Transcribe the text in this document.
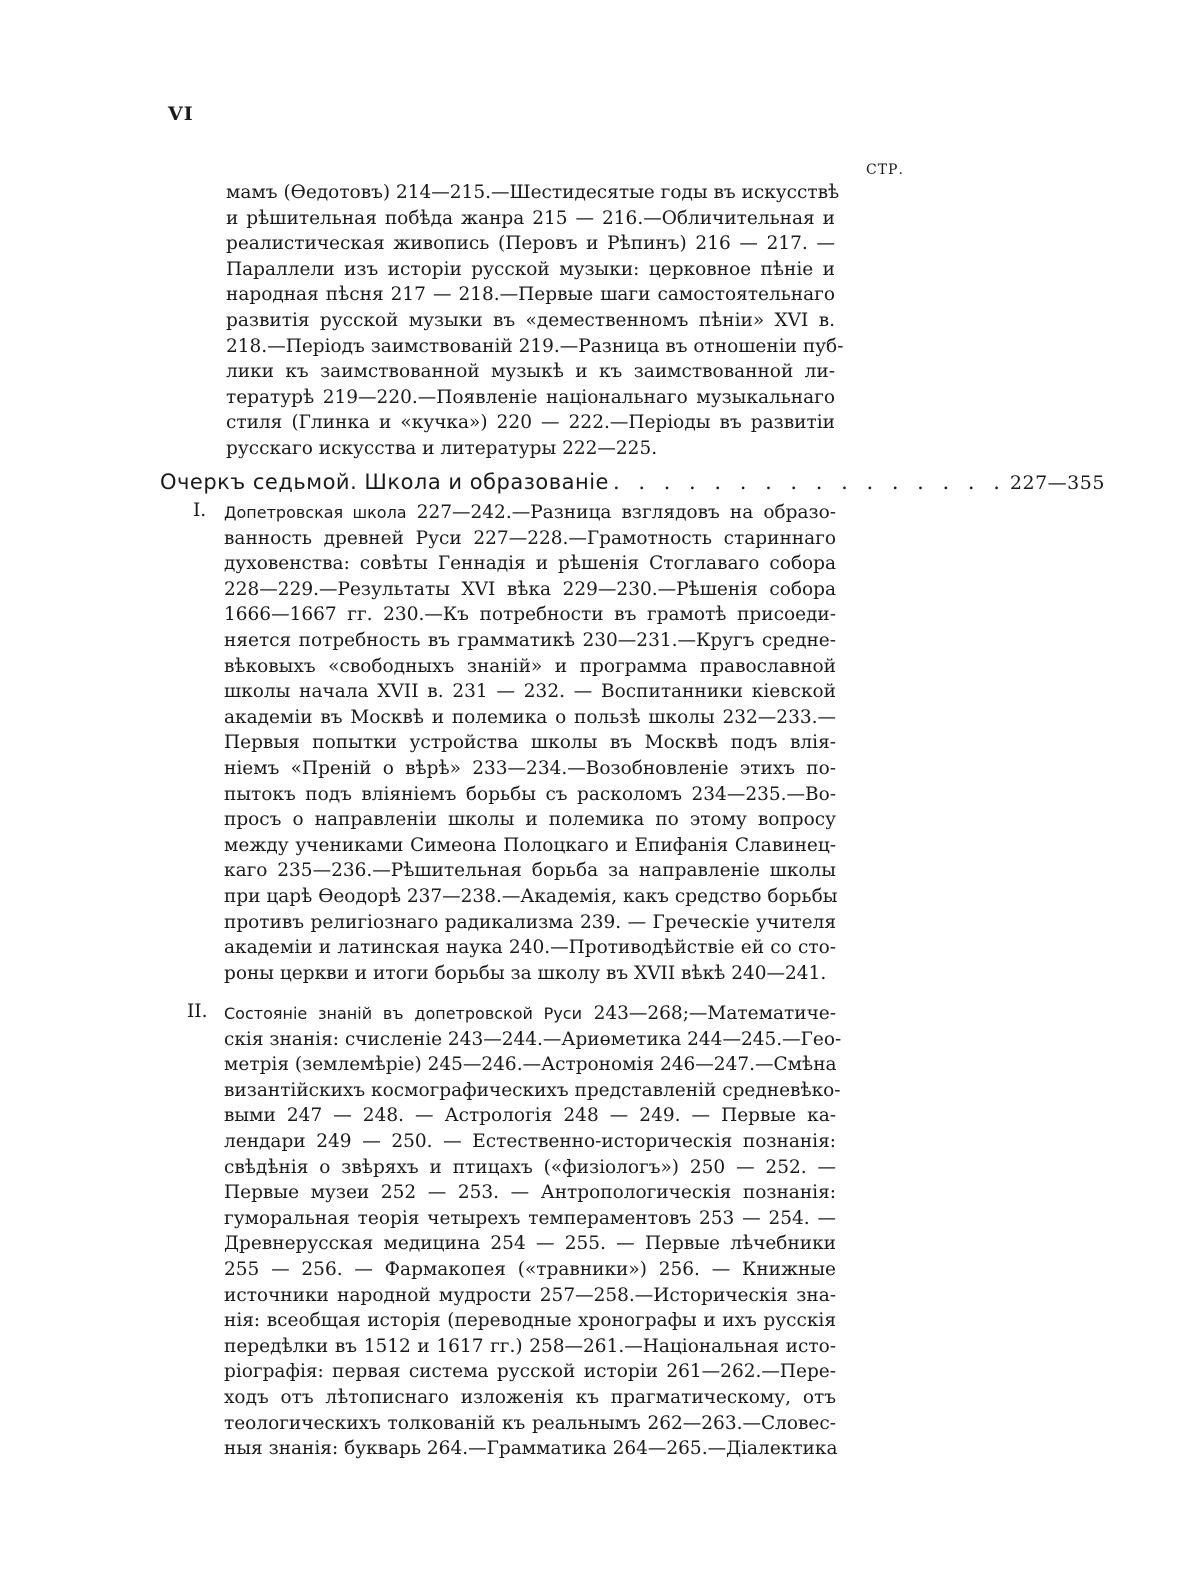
VI
СТР.
мамъ (Өедотовъ) 214—215.—Шестидесятые годы въ искусствѣ
и рѣшительная побѣда жанра 215 — 216.—Обличительная и
реалистическая живопись (Перовъ и Рѣпинъ) 216 — 217. —
Параллели изъ исторіи русской музыки: церковное пѣніе и
народная пѣсня 217 — 218.—Первые шаги самостоятельнаго
развитія русской музыки въ «демественномъ пѣніи» XVI в.
218.—Періодъ заимствованій 219.—Разница въ отношеніи пуб-
лики къ заимствованной музыкѣ и къ заимствованной ли-
тературѣ 219—220.—Появленіе національнаго музыкальнаго
стиля (Глинка и «кучка») 220 — 222.—Періоды въ развитіи
русскаго искусства и литературы 222—225.
Очеркъ седьмой. Школа и образованіе . . . . . . . . . . . . . . . . 227—355
I. Допетровская школа 227—242.—Разница взглядовъ на образо-
ванность древней Руси 227—228.—Грамотность стариннаго
духовенства: совѣты Геннадія и рѣшенія Стоглаваго собора
228—229.—Результаты XVI вѣка 229—230.—Рѣшенія собора
1666—1667 гг. 230.—Къ потребности въ грамотѣ присоеди-
няется потребность въ грамматикѣ 230—231.—Кругъ средне-
вѣковыхъ «свободныхъ знаній» и программа православной
школы начала XVII в. 231 — 232. — Воспитанники кіевской
академіи въ Москвѣ и полемика о пользѣ школы 232—233.—
Первыя попытки устройства школы въ Москвѣ подъ влія-
ніемъ «Преній о вѣрѣ» 233—234.—Возобновленіе этихъ по-
пытокъ подъ вліяніемъ борьбы съ расколомъ 234—235.—Во-
просъ о направленіи школы и полемика по этому вопросу
между учениками Симеона Полоцкаго и Епифанія Славинец-
каго 235—236.—Рѣшительная борьба за направленіе школы
при царѣ Өеодорѣ 237—238.—Академія, какъ средство борьбы
противъ религіознаго радикализма 239. — Греческіе учителя
академіи и латинская наука 240.—Противодѣйствіе ей со сто-
роны церкви и итоги борьбы за школу въ XVII вѣкѣ 240—241.
II. Состояніе знаній въ допетровской Руси 243—268;—Математиче-
скія знанія: счисленіе 243—244.—Ариөметика 244—245.—Гео-
метрія (землемѣріе) 245—246.—Астрономія 246—247.—Смѣна
византійскихъ космографическихъ представленій средневѣко-
выми 247 — 248. — Астрологія 248 — 249. — Первые ка-
лендари 249 — 250. — Естественно-историческія познанія:
свѣдѣнія о звѣряхъ и птицахъ («физіологъ») 250 — 252. —
Первые музеи 252 — 253. — Антропологическія познанія:
гуморальная теорія четырехъ темпераментовъ 253 — 254. —
Древнерусская медицина 254 — 255. — Первые лѣчебники
255 — 256. — Фармакопея («травники») 256. — Книжные
источники народной мудрости 257—258.—Историческія зна-
нія: всеобщая исторія (переводные хронографы и ихъ русскія
передѣлки въ 1512 и 1617 гг.) 258—261.—Національная исто-
ріографія: первая система русской исторіи 261—262.—Пере-
ходъ отъ лѣтописнаго изложенія къ прагматическому, отъ
теологическихъ толкованій къ реальнымъ 262—263.—Словес-
ныя знанія: букварь 264.—Грамматика 264—265.—Діалектика
